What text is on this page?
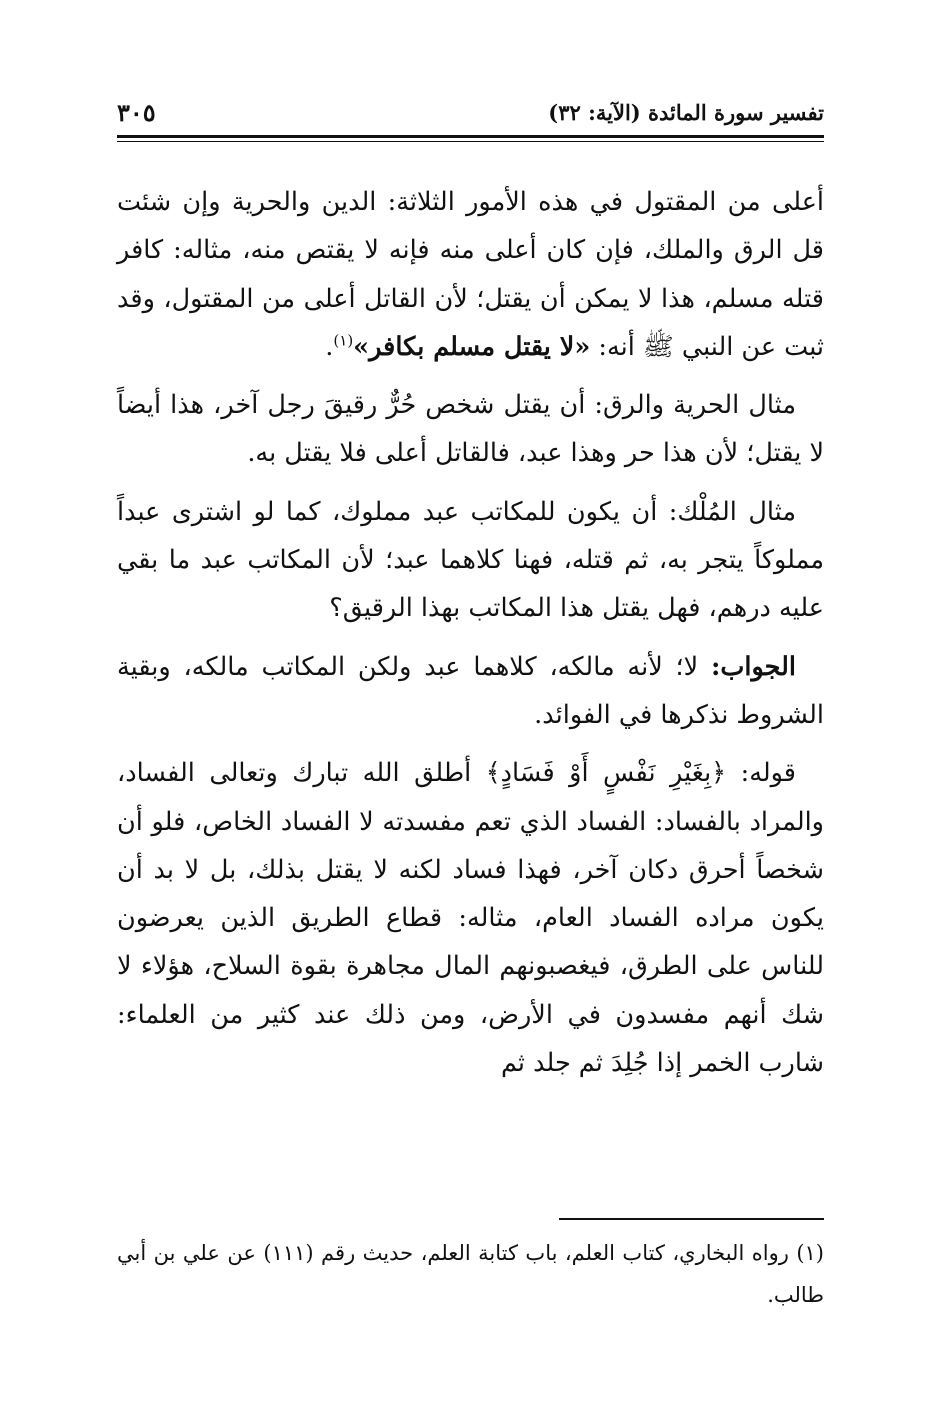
تفسير سورة المائدة (الآية: ٣٢)
٣٠٥

أعلى من المقتول في هذه الأمور الثلاثة: الدين والحرية وإن شئت قل الرق والملك، فإن كان أعلى منه فإنه لا يقتص منه، مثاله: كافر قتله مسلم، هذا لا يمكن أن يقتل؛ لأن القاتل أعلى من المقتول، وقد ثبت عن النبي ﷺ أنه: «لا يقتل مسلم بكافر»$^{(١)}$.

مثال الحرية والرق: أن يقتل شخص حُرٌّ رقيقَ رجل آخر، هذا أيضاً لا يقتل؛ لأن هذا حر وهذا عبد، فالقاتل أعلى فلا يقتل به.

مثال المُلْك: أن يكون للمكاتب عبد مملوك، كما لو اشترى عبداً مملوكاً يتجر به، ثم قتله، فهنا كلاهما عبد؛ لأن المكاتب عبد ما بقي عليه درهم، فهل يقتل هذا المكاتب بهذا الرقيق؟

الجواب: لا؛ لأنه مالكه، كلاهما عبد ولكن المكاتب مالكه، وبقية الشروط نذكرها في الفوائد.

قوله: ﴿بِغَيْرِ نَفْسٍ أَوْ فَسَادٍ﴾ أطلق الله تبارك وتعالى الفساد، والمراد بالفساد: الفساد الذي تعم مفسدته لا الفساد الخاص، فلو أن شخصاً أحرق دكان آخر، فهذا فساد لكنه لا يقتل بذلك، بل لا بد أن يكون مراده الفساد العام، مثاله: قطاع الطريق الذين يعرضون للناس على الطرق، فيغصبونهم المال مجاهرة بقوة السلاح، هؤلاء لا شك أنهم مفسدون في الأرض، ومن ذلك عند كثير من العلماء: شارب الخمر إذا جُلِدَ ثم جلد ثم

(١) رواه البخاري، كتاب العلم، باب كتابة العلم، حديث رقم (١١١) عن علي بن أبي طالب.
